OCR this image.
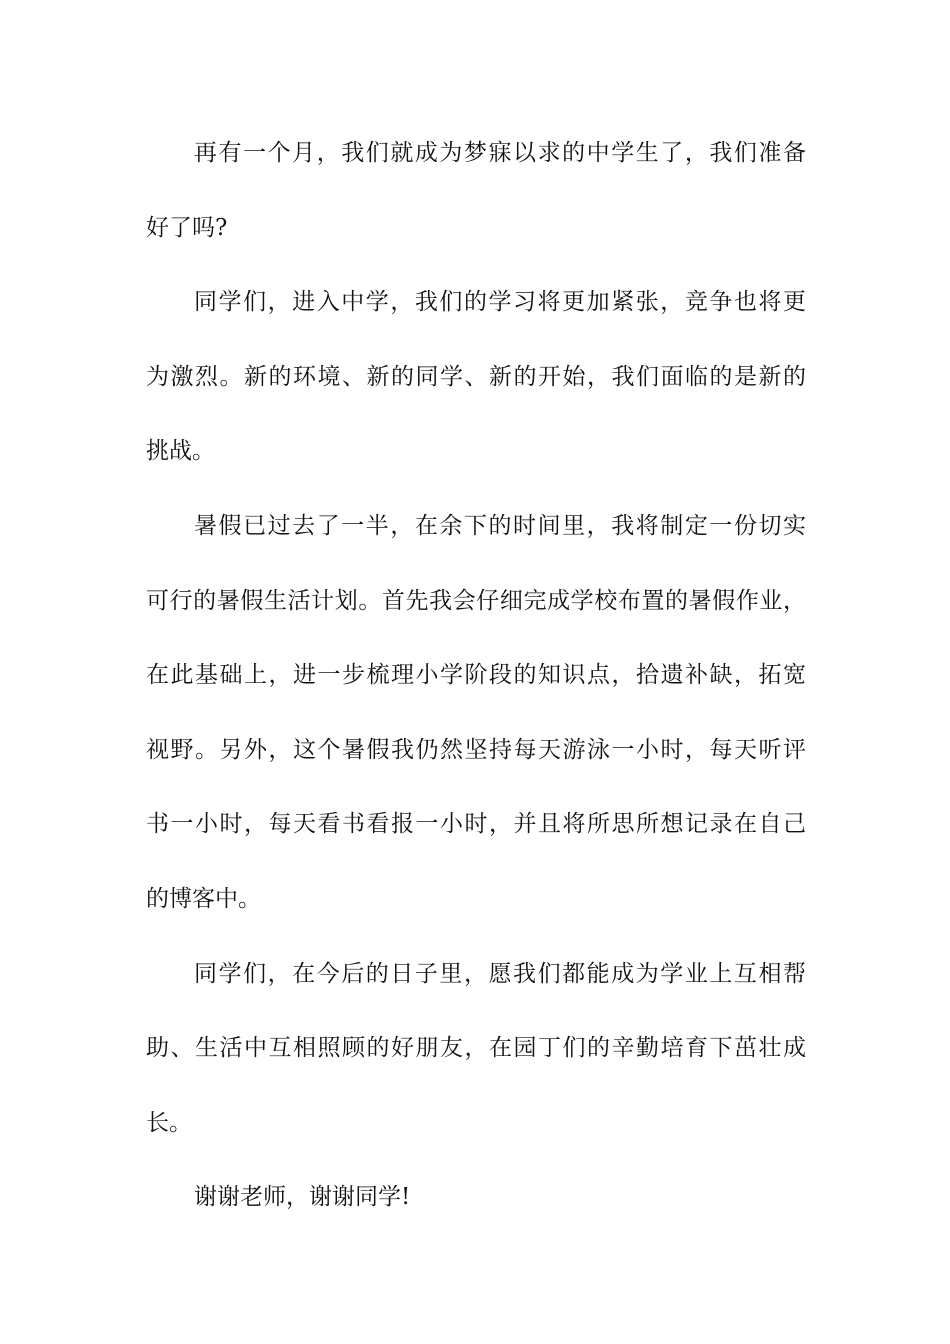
再有一个月，我们就成为梦寐以求的中学生了，我们准备
好了吗?
同学们，进入中学，我们的学习将更加紧张，竞争也将更
为激烈。新的环境、新的同学、新的开始，我们面临的是新的
挑战。
暑假已过去了一半，在余下的时间里，我将制定一份切实
可行的暑假生活计划。首先我会仔细完成学校布置的暑假作业，
在此基础上，进一步梳理小学阶段的知识点，拾遗补缺，拓宽
视野。另外，这个暑假我仍然坚持每天游泳一小时，每天听评
书一小时，每天看书看报一小时，并且将所思所想记录在自己
的博客中。
同学们，在今后的日子里，愿我们都能成为学业上互相帮
助、生活中互相照顾的好朋友，在园丁们的辛勤培育下茁壮成
长。
谢谢老师，谢谢同学!
